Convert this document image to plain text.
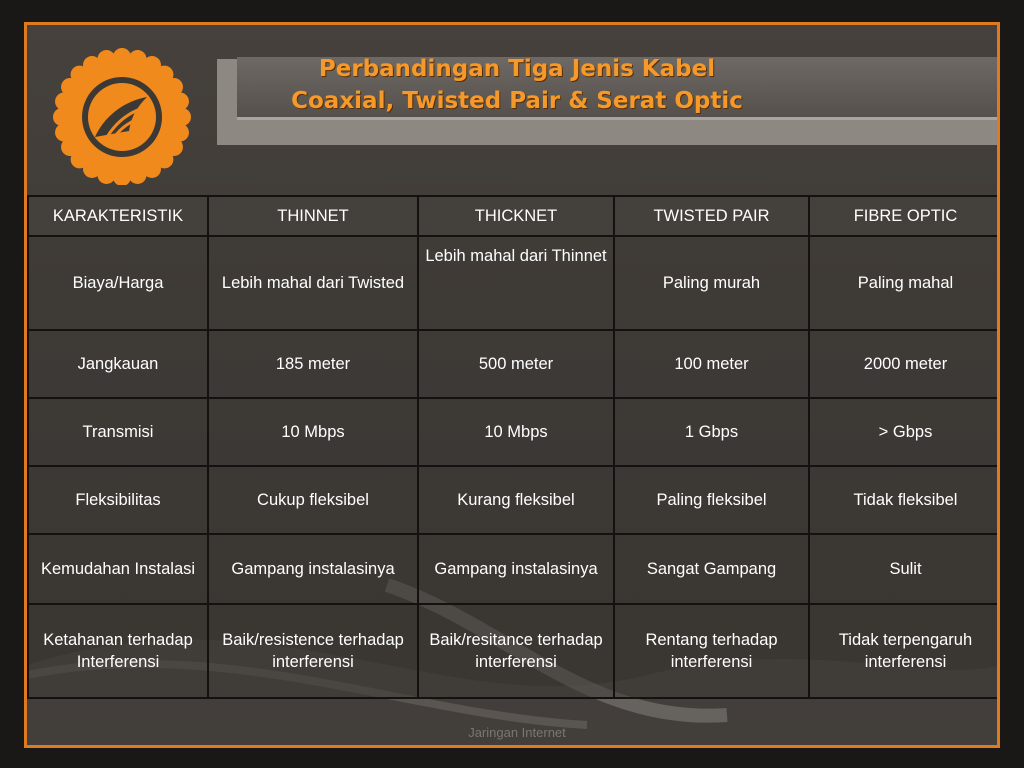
Perbandingan Tiga Jenis Kabel
Coaxial, Twisted Pair & Serat Optic
KARAKTERISTIK	THINNET	THICKNET	TWISTED PAIR	FIBRE OPTIC
Biaya/Harga	Lebih mahal dari Twisted	Lebih mahal dari Thinnet	Paling murah	Paling mahal
Jangkauan	185 meter	500 meter	100 meter	2000 meter
Transmisi	10 Mbps	10 Mbps	1 Gbps	> Gbps
Fleksibilitas	Cukup fleksibel	Kurang fleksibel	Paling fleksibel	Tidak fleksibel
Kemudahan Instalasi	Gampang instalasinya	Gampang instalasinya	Sangat Gampang	Sulit
Ketahanan terhadap Interferensi	Baik/resistence terhadap interferensi	Baik/resitance terhadap interferensi	Rentang terhadap interferensi	Tidak terpengaruh interferensi
Jaringan Internet
